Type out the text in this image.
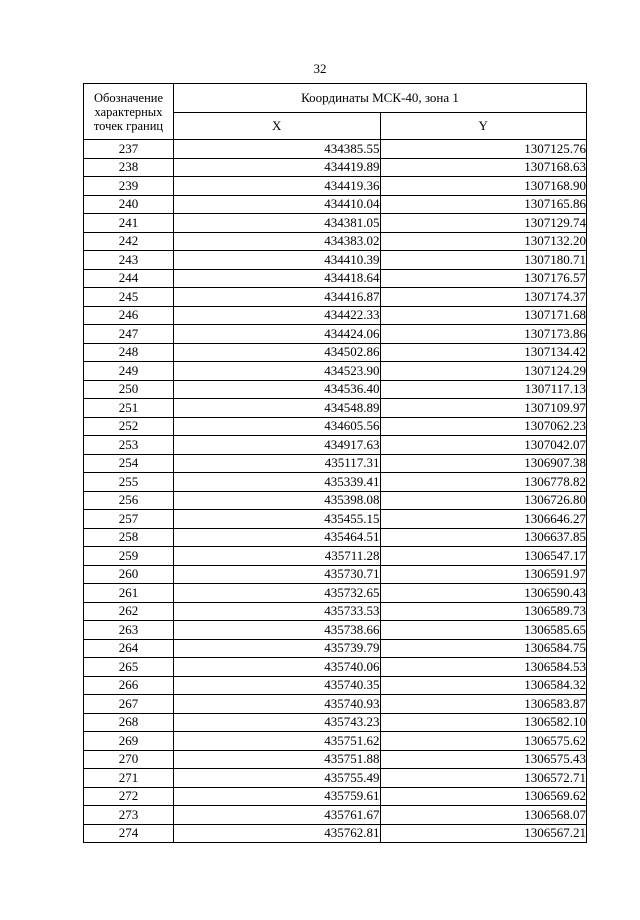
32
Обозначение характерных точек границ	Координаты МСК-40, зона 1	
	X	Y
237	434385.55	1307125.76
238	434419.89	1307168.63
239	434419.36	1307168.90
240	434410.04	1307165.86
241	434381.05	1307129.74
242	434383.02	1307132.20
243	434410.39	1307180.71
244	434418.64	1307176.57
245	434416.87	1307174.37
246	434422.33	1307171.68
247	434424.06	1307173.86
248	434502.86	1307134.42
249	434523.90	1307124.29
250	434536.40	1307117.13
251	434548.89	1307109.97
252	434605.56	1307062.23
253	434917.63	1307042.07
254	435117.31	1306907.38
255	435339.41	1306778.82
256	435398.08	1306726.80
257	435455.15	1306646.27
258	435464.51	1306637.85
259	435711.28	1306547.17
260	435730.71	1306591.97
261	435732.65	1306590.43
262	435733.53	1306589.73
263	435738.66	1306585.65
264	435739.79	1306584.75
265	435740.06	1306584.53
266	435740.35	1306584.32
267	435740.93	1306583.87
268	435743.23	1306582.10
269	435751.62	1306575.62
270	435751.88	1306575.43
271	435755.49	1306572.71
272	435759.61	1306569.62
273	435761.67	1306568.07
274	435762.81	1306567.21
